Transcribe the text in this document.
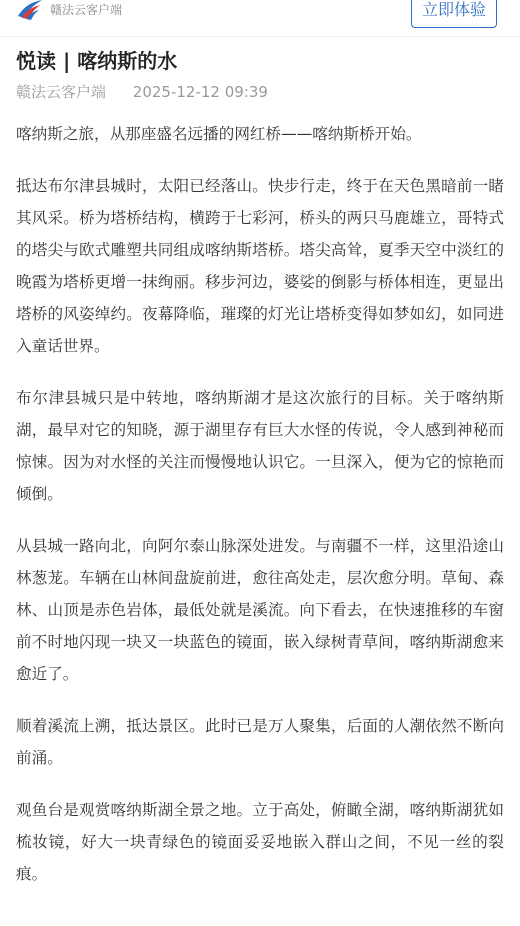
赣法云客户端	立即体验
悦读 | 喀纳斯的水
赣法云客户端 2025-12-12 09:39

喀纳斯之旅，从那座盛名远播的网红桥——喀纳斯桥开始。

抵达布尔津县城时，太阳已经落山。快步行走，终于在天色黑暗前一睹其风采。桥为塔桥结构，横跨于七彩河，桥头的两只马鹿雄立，哥特式的塔尖与欧式雕塑共同组成喀纳斯塔桥。塔尖高耸，夏季天空中淡红的晚霞为塔桥更增一抹绚丽。移步河边，婆娑的倒影与桥体相连，更显出塔桥的风姿绰约。夜幕降临，璀璨的灯光让塔桥变得如梦如幻，如同进入童话世界。

布尔津县城只是中转地，喀纳斯湖才是这次旅行的目标。关于喀纳斯湖，最早对它的知晓，源于湖里存有巨大水怪的传说，令人感到神秘而惊悚。因为对水怪的关注而慢慢地认识它。一旦深入，便为它的惊艳而倾倒。

从县城一路向北，向阿尔泰山脉深处进发。与南疆不一样，这里沿途山林葱茏。车辆在山林间盘旋前进，愈往高处走，层次愈分明。草甸、森林、山顶是赤色岩体，最低处就是溪流。向下看去，在快速推移的车窗前不时地闪现一块又一块蓝色的镜面，嵌入绿树青草间，喀纳斯湖愈来愈近了。

顺着溪流上溯，抵达景区。此时已是万人聚集，后面的人潮依然不断向前涌。

观鱼台是观赏喀纳斯湖全景之地。立于高处，俯瞰全湖，喀纳斯湖犹如梳妆镜，好大一块青绿色的镜面妥妥地嵌入群山之间，不见一丝的裂痕。
